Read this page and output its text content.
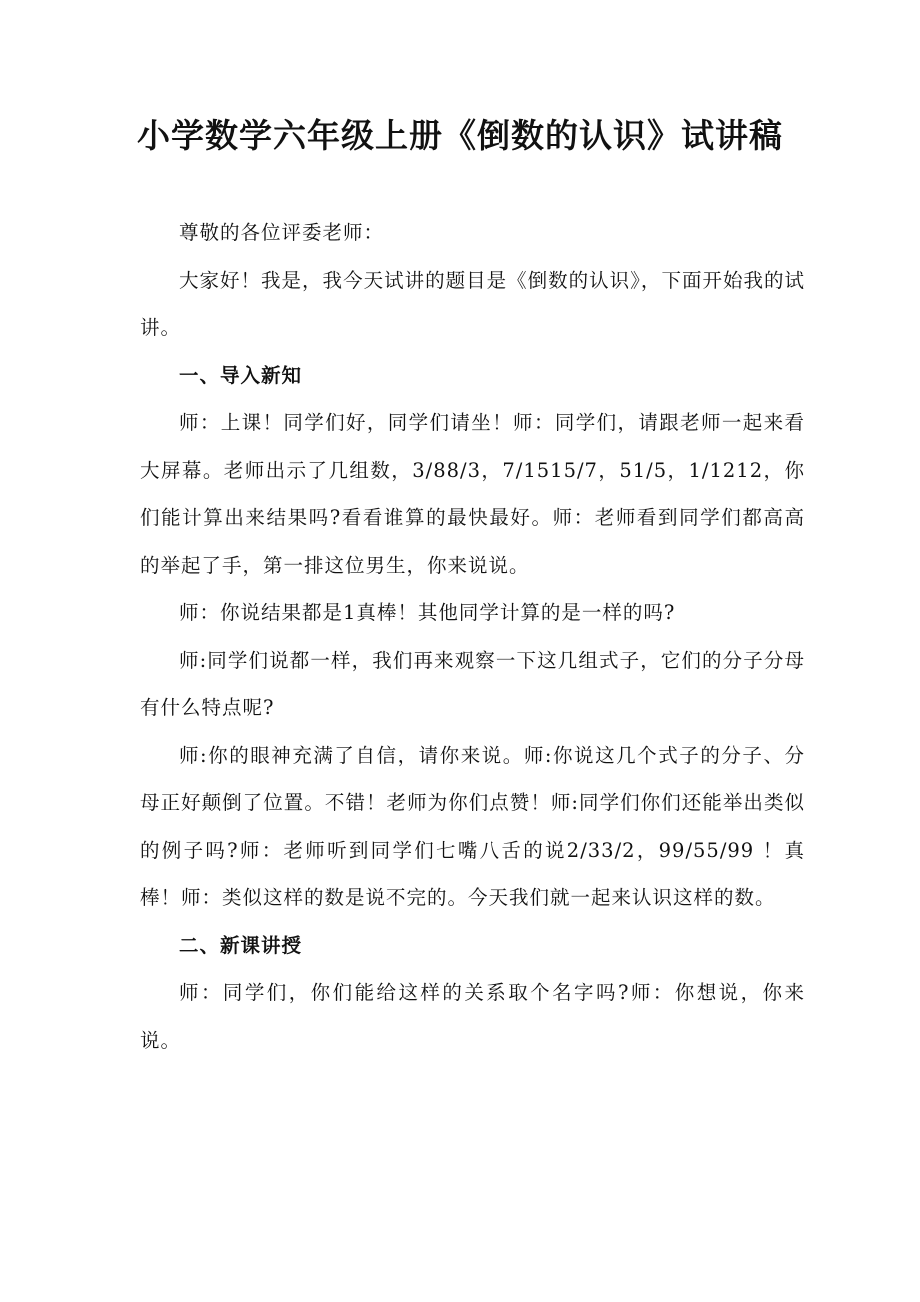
小学数学六年级上册《倒数的认识》试讲稿

尊敬的各位评委老师：

大家好！我是，我今天试讲的题目是《倒数的认识》，下面开始我的试讲。

一、导入新知

师：上课！同学们好，同学们请坐！师：同学们，请跟老师一起来看大屏幕。老师出示了几组数，3/88/3，7/1515/7，51/5，1/1212，你们能计算出来结果吗?看看谁算的最快最好。师：老师看到同学们都高高的举起了手，第一排这位男生，你来说说。

师：你说结果都是1真棒！其他同学计算的是一样的吗?

师:同学们说都一样，我们再来观察一下这几组式子，它们的分子分母有什么特点呢?

师:你的眼神充满了自信，请你来说。师:你说这几个式子的分子、分母正好颠倒了位置。不错！老师为你们点赞！师:同学们你们还能举出类似的例子吗?师：老师听到同学们七嘴八舌的说2/33/2，99/55/99 ！真棒！师：类似这样的数是说不完的。今天我们就一起来认识这样的数。

二、新课讲授

师：同学们，你们能给这样的关系取个名字吗?师：你想说，你来说。
